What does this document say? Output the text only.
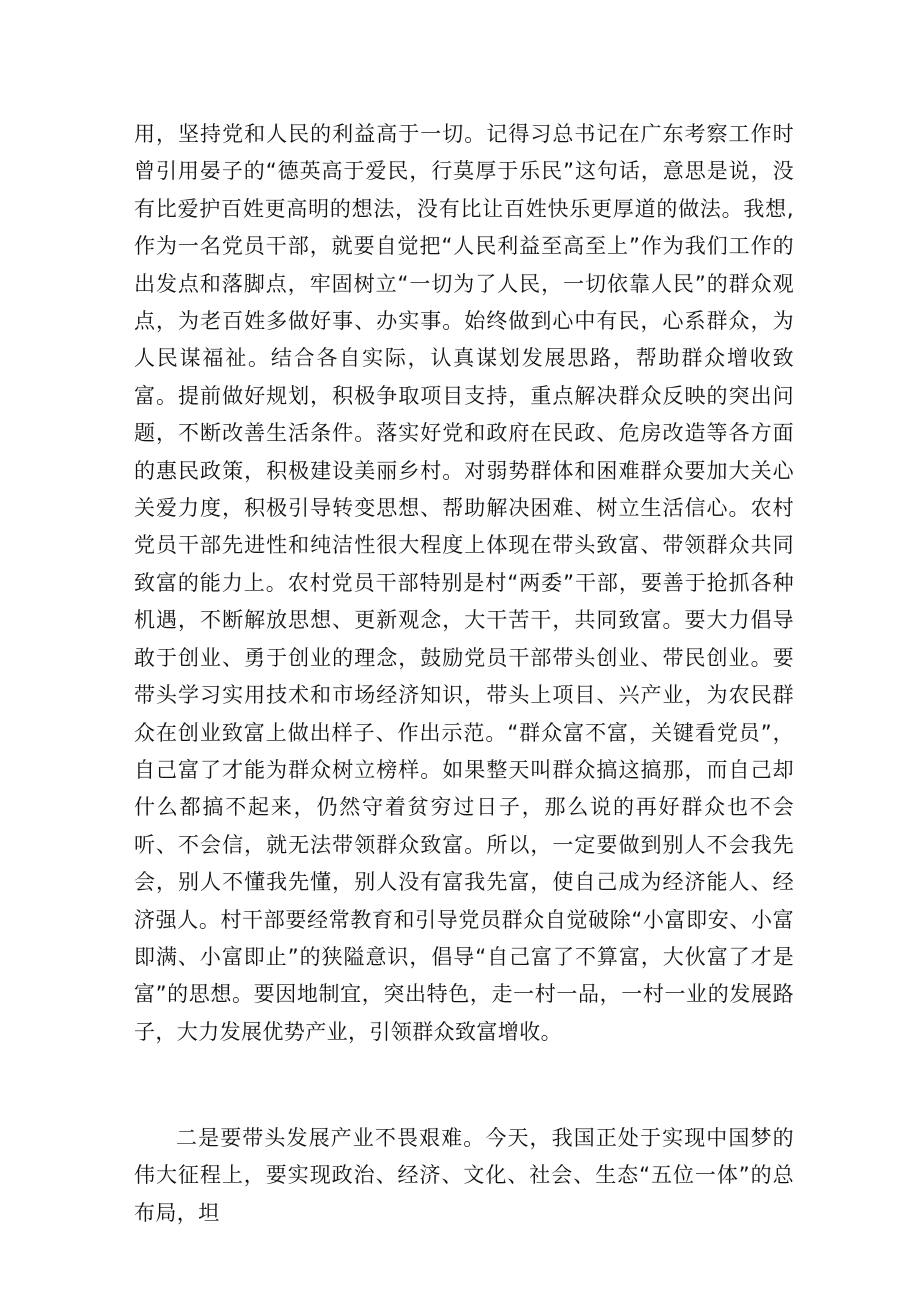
用，坚持党和人民的利益高于一切。记得习总书记在广东考察工作时曾引用晏子的“德英高于爱民，行莫厚于乐民”这句话，意思是说，没有比爱护百姓更高明的想法，没有比让百姓快乐更厚道的做法。我想,作为一名党员干部，就要自觉把“人民利益至高至上”作为我们工作的出发点和落脚点，牢固树立“一切为了人民，一切依靠人民”的群众观点，为老百姓多做好事、办实事。始终做到心中有民，心系群众，为人民谋福祉。结合各自实际，认真谋划发展思路，帮助群众增收致富。提前做好规划，积极争取项目支持，重点解决群众反映的突出问题，不断改善生活条件。落实好党和政府在民政、危房改造等各方面的惠民政策，积极建设美丽乡村。对弱势群体和困难群众要加大关心关爱力度，积极引导转变思想、帮助解决困难、树立生活信心。农村党员干部先进性和纯洁性很大程度上体现在带头致富、带领群众共同致富的能力上。农村党员干部特别是村“两委”干部，要善于抢抓各种机遇，不断解放思想、更新观念，大干苦干，共同致富。要大力倡导敢于创业、勇于创业的理念，鼓励党员干部带头创业、带民创业。要带头学习实用技术和市场经济知识，带头上项目、兴产业，为农民群众在创业致富上做出样子、作出示范。“群众富不富，关键看党员”，自己富了才能为群众树立榜样。如果整天叫群众搞这搞那，而自己却什么都搞不起来，仍然守着贫穷过日子，那么说的再好群众也不会听、不会信，就无法带领群众致富。所以，一定要做到别人不会我先会，别人不懂我先懂，别人没有富我先富，使自己成为经济能人、经济强人。村干部要经常教育和引导党员群众自觉破除“小富即安、小富即满、小富即止”的狭隘意识，倡导“自己富了不算富，大伙富了才是富”的思想。要因地制宜，突出特色，走一村一品，一村一业的发展路子，大力发展优势产业，引领群众致富增收。

二是要带头发展产业不畏艰难。今天，我国正处于实现中国梦的伟大征程上，要实现政治、经济、文化、社会、生态“五位一体”的总布局，坦
